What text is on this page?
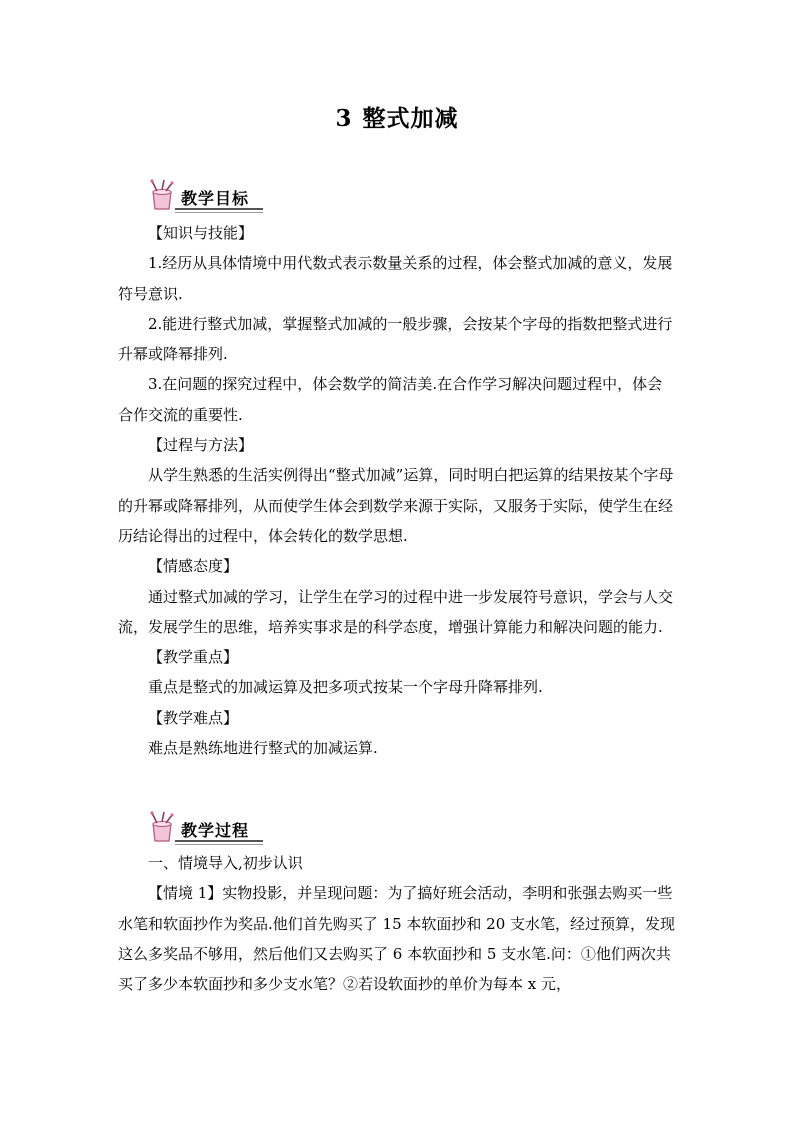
3 整式加减
教学目标

【知识与技能】

1.经历从具体情境中用代数式表示数量关系的过程，体会整式加减的意义，发展符号意识.

2.能进行整式加减，掌握整式加减的一般步骤，会按某个字母的指数把整式进行升幂或降幂排列.

3.在问题的探究过程中，体会数学的简洁美.在合作学习解决问题过程中，体会合作交流的重要性.

【过程与方法】

从学生熟悉的生活实例得出“整式加减”运算，同时明白把运算的结果按某个字母的升幂或降幂排列，从而使学生体会到数学来源于实际，又服务于实际，使学生在经历结论得出的过程中，体会转化的数学思想.

【情感态度】

通过整式加减的学习，让学生在学习的过程中进一步发展符号意识，学会与人交流，发展学生的思维，培养实事求是的科学态度，增强计算能力和解决问题的能力.

【教学重点】

重点是整式的加减运算及把多项式按某一个字母升降幂排列.

【教学难点】

难点是熟练地进行整式的加减运算.

教学过程

一、情境导入,初步认识

【情境 1】实物投影，并呈现问题：为了搞好班会活动，李明和张强去购买一些水笔和软面抄作为奖品.他们首先购买了 15 本软面抄和 20 支水笔，经过预算，发现这么多奖品不够用，然后他们又去购买了 6 本软面抄和 5 支水笔.问：①他们两次共买了多少本软面抄和多少支水笔？②若设软面抄的单价为每本 x 元，
